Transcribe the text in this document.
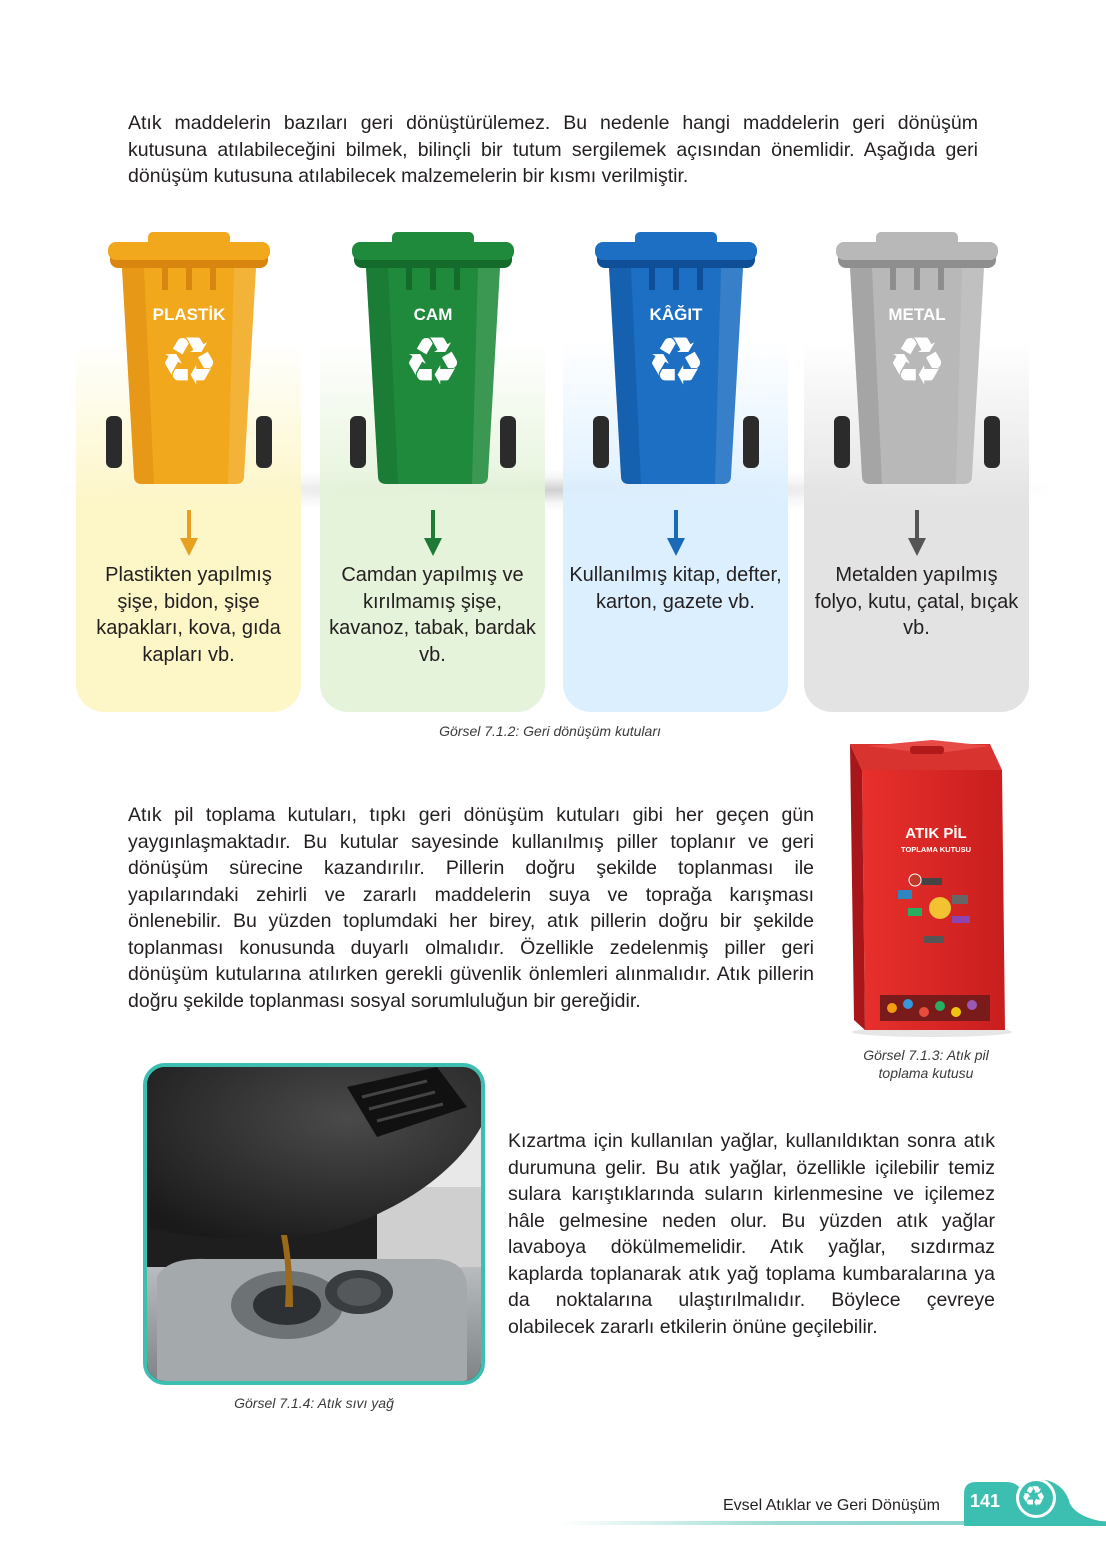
Atık maddelerin bazıları geri dönüştürülemez. Bu nedenle hangi maddelerin geri dönüşüm kutusuna atılabileceğini bilmek, bilinçli bir tutum sergilemek açısından önemlidir. Aşağıda geri dönüşüm kutusuna atılabilecek malzemelerin bir kısmı verilmiştir.

PLASTİK
♻

Plastikten yapılmış şişe, bidon, şişe kapakları, kova, gıda kapları vb.

CAM
♻

Camdan yapılmış ve kırılmamış şişe, kavanoz, tabak, bardak vb.

KÂĞIT
♻

Kullanılmış kitap, defter, karton, gazete vb.

METAL
♻

Metalden yapılmış folyo, kutu, çatal, bıçak vb.

Görsel 7.1.2: Geri dönüşüm kutuları

Atık pil toplama kutuları, tıpkı geri dönüşüm kutuları gibi her geçen gün yaygınlaşmaktadır. Bu kutular sayesinde kullanılmış piller toplanır ve geri dönüşüm sürecine kazandırılır. Pillerin doğru şekilde toplanması ile yapılarındaki zehirli ve zararlı maddelerin suya ve toprağa karışması önlenebilir. Bu yüzden toplumdaki her birey, atık pillerin doğru bir şekilde toplanması konusunda duyarlı olmalıdır. Özellikle zedelenmiş piller geri dönüşüm kutularına atılırken gerekli güvenlik önlemleri alınmalıdır. Atık pillerin doğru şekilde toplanması sosyal sorumluluğun bir gereğidir.

ATIK PİL
TOPLAMA KUTUSU

Görsel 7.1.3: Atık pil toplama kutusu

Görsel 7.1.4: Atık sıvı yağ

Kızartma için kullanılan yağlar, kullanıldıktan sonra atık durumuna gelir. Bu atık yağlar, özellikle içilebilir temiz sulara karıştıklarında suların kirlenmesine ve içilemez hâle gelmesine neden olur. Bu yüzden atık yağlar lavaboya dökülmemelidir. Atık yağlar, sızdırmaz kaplarda toplanarak atık yağ toplama kumbaralarına ya da noktalarına ulaştırılmalıdır. Böylece çevreye olabilecek zararlı etkilerin önüne geçilebilir.

Evsel Atıklar ve Geri Dönüşüm	♻
141
